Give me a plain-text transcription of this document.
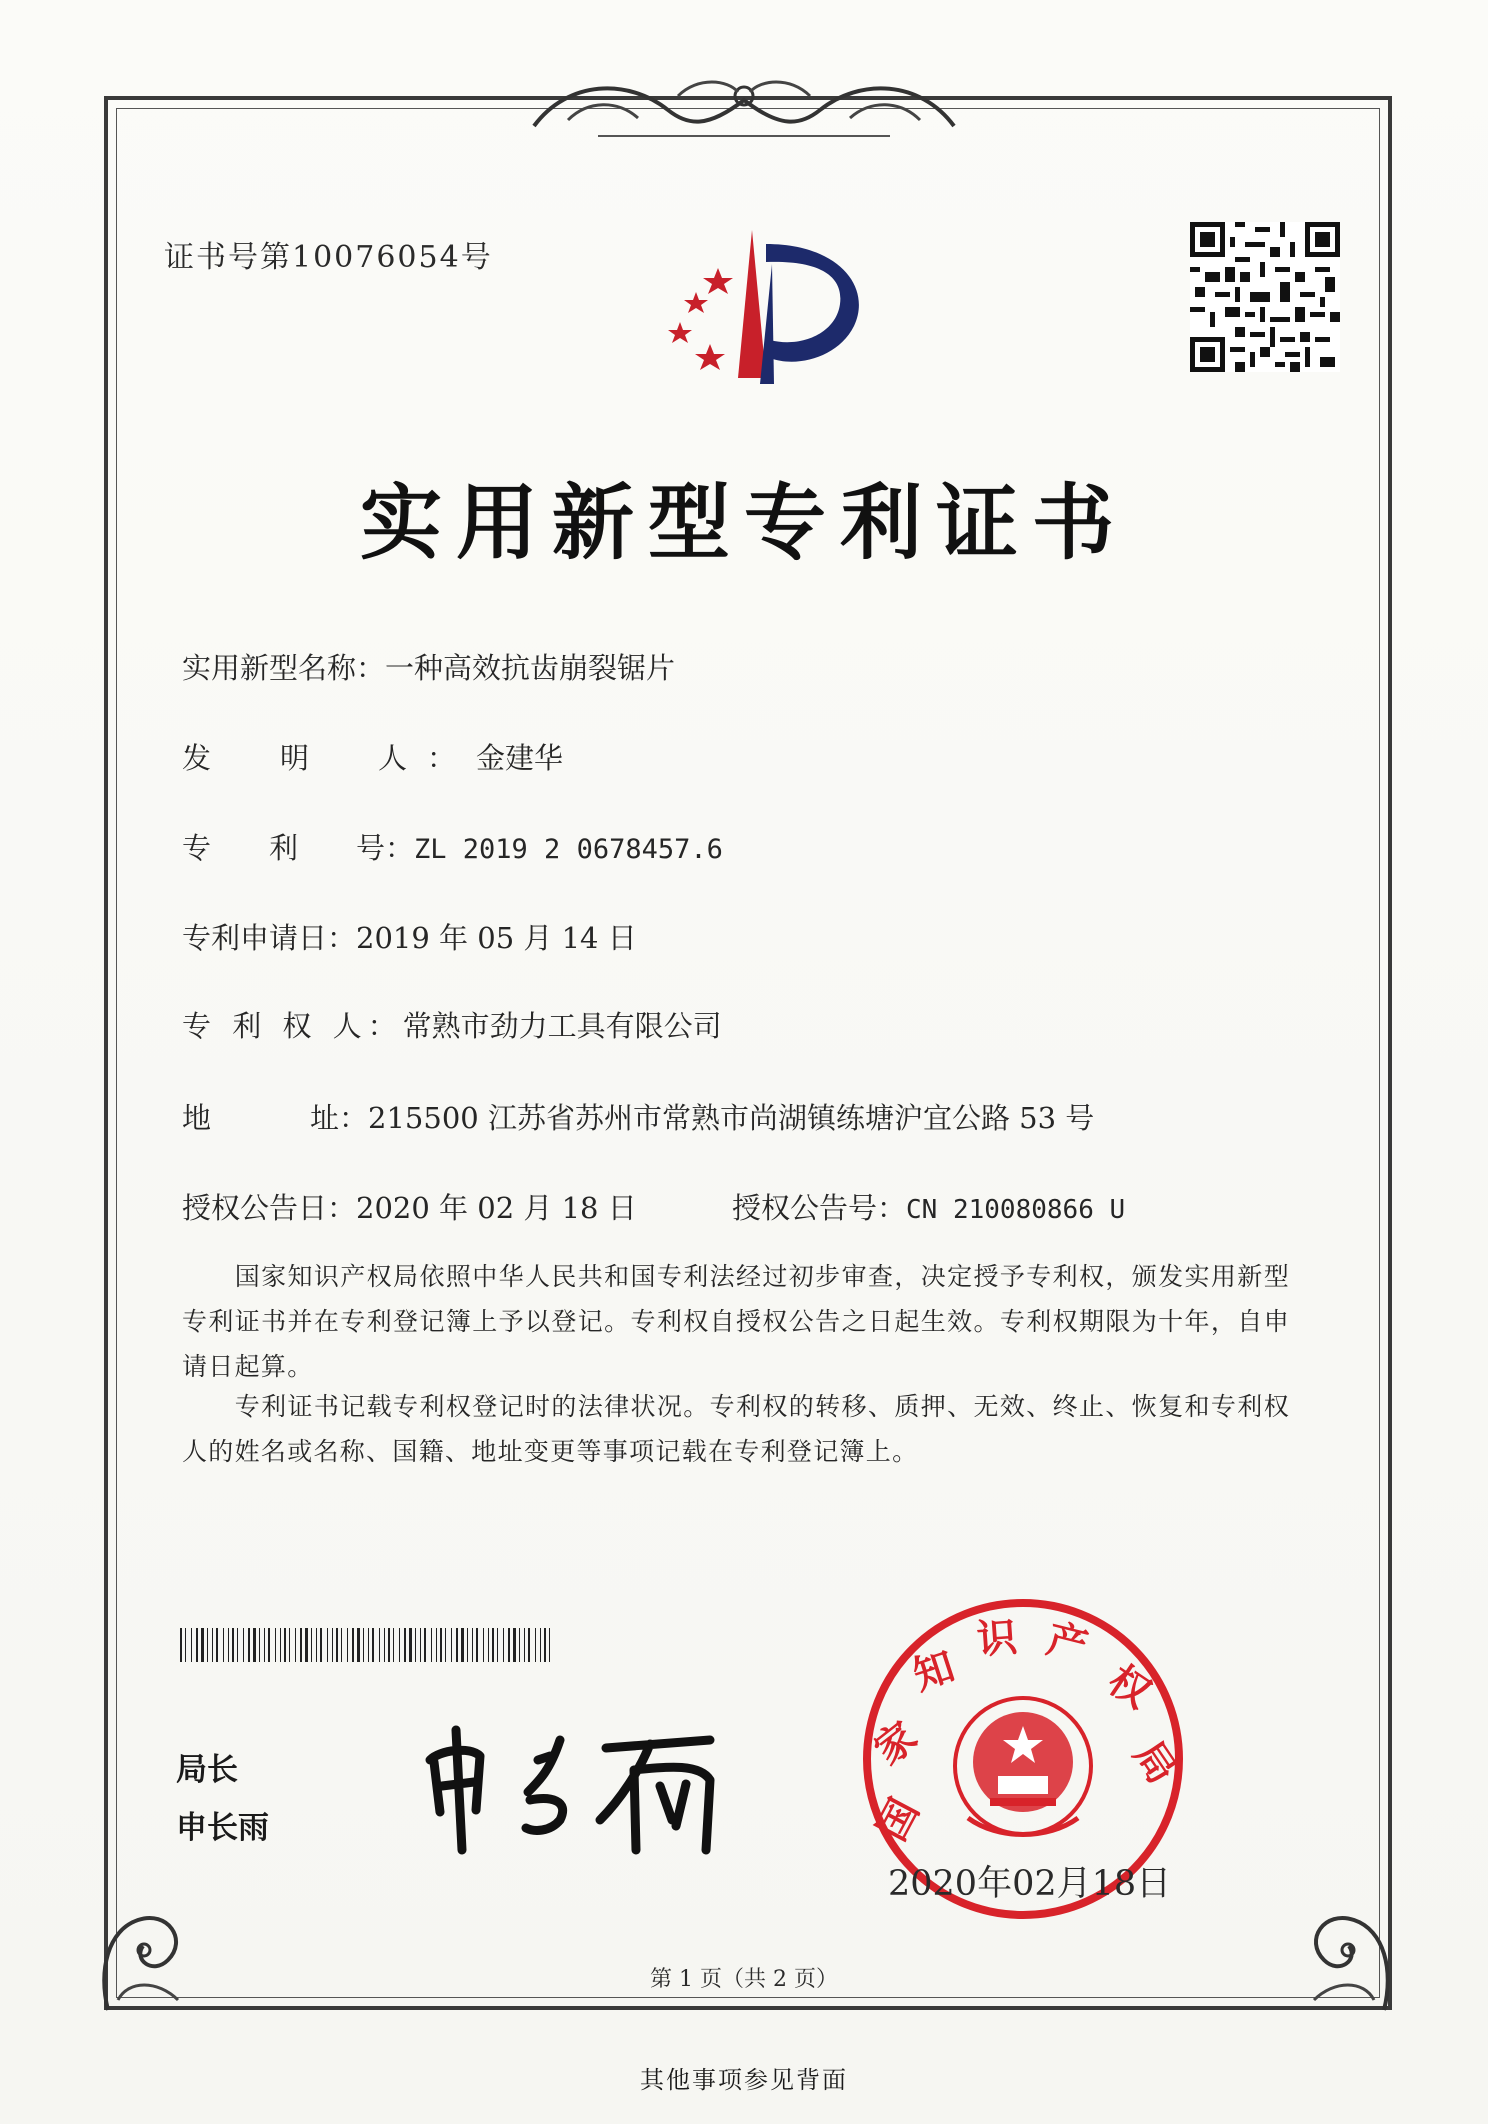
证书号第10076054号
实用新型专利证书
实用新型名称：一种高效抗齿崩裂锯片
发　明　人：金建华
专　　利　　号：ZL 2019 2 0678457.6
专利申请日：2019 年 05 月 14 日
专 利 权 人：常熟市劲力工具有限公司
地	址：215500 江苏省苏州市常熟市尚湖镇练塘沪宜公路 53 号
授权公告日：2020 年 02 月 18 日	授权公告号：CN 210080866 U
　　国家知识产权局依照中华人民共和国专利法经过初步审查，决定授予专利权，颁发实用新型专利证书并在专利登记簿上予以登记。专利权自授权公告之日起生效。专利权期限为十年，自申请日起算。
　　专利证书记载专利权登记时的法律状况。专利权的转移、质押、无效、终止、恢复和专利权人的姓名或名称、国籍、地址变更等事项记载在专利登记簿上。
局长
申长雨	国
家
知
识 产
权
局
2020年02月18日
第 1 页（共 2 页）
其他事项参见背面
